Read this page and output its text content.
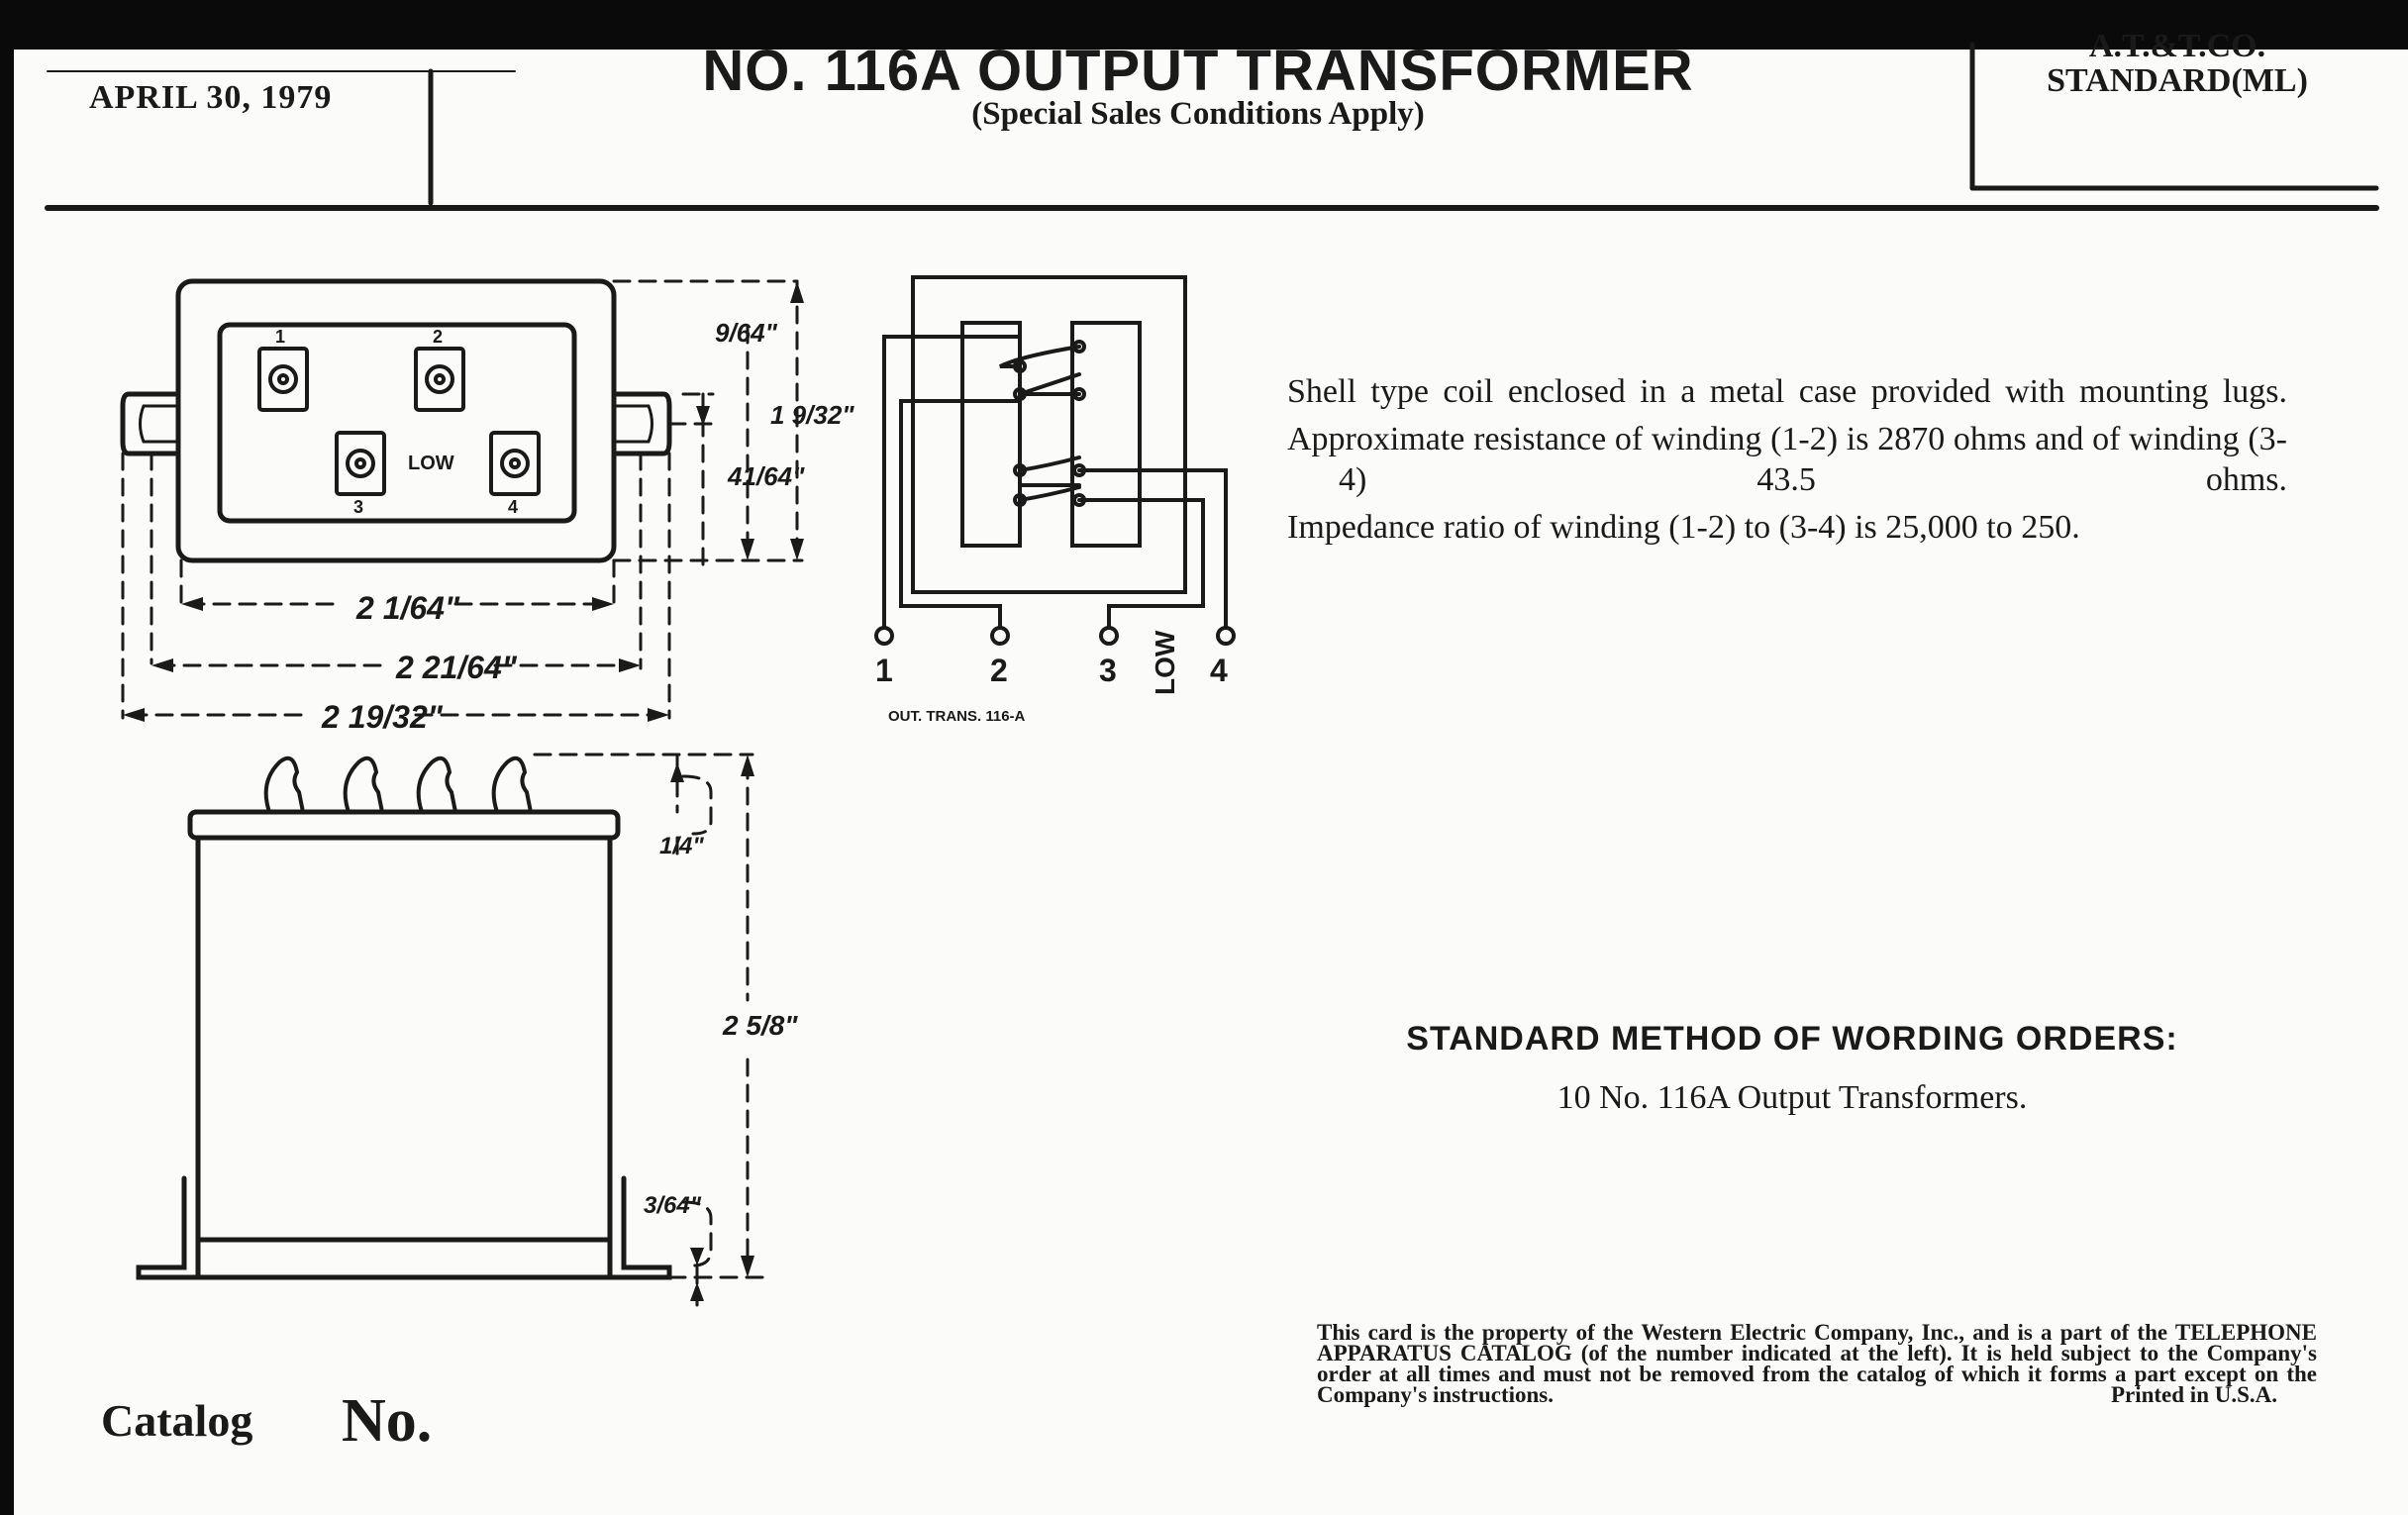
1	2
3	4
LOW
2 1/64"
2 21/64"
2 19/32"
9/64"
41/64"
1 9/32"
1/4"
2 5/8"
3/64"
1	2	3	4
LOW
OUT. TRANS. 116-A
APRIL 30, 1979	NO. 116A OUTPUT TRANSFORMER
(Special Sales Conditions Apply)
A.T.&T.CO.
STANDARD(ML)

Shell type coil enclosed in a metal case provided with mounting lugs.

Approximate resistance of winding (1-2) is 2870 ohms and of winding (3-4) 43.5 ohms.

Impedance ratio of winding (1-2) to (3-4) is 25,000 to 250.

STANDARD METHOD OF WORDING ORDERS:
10 No. 116A Output Transformers.
This card is the property of the Western Electric Company, Inc., and is a part of the TELEPHONE APPARATUS CATALOG (of the number indicated at the left). It is held subject to the Company's order at all times and must not be removed from the catalog of which it forms a part except on the Company's instructions.	Printed in U.S.A.
Catalog No.
